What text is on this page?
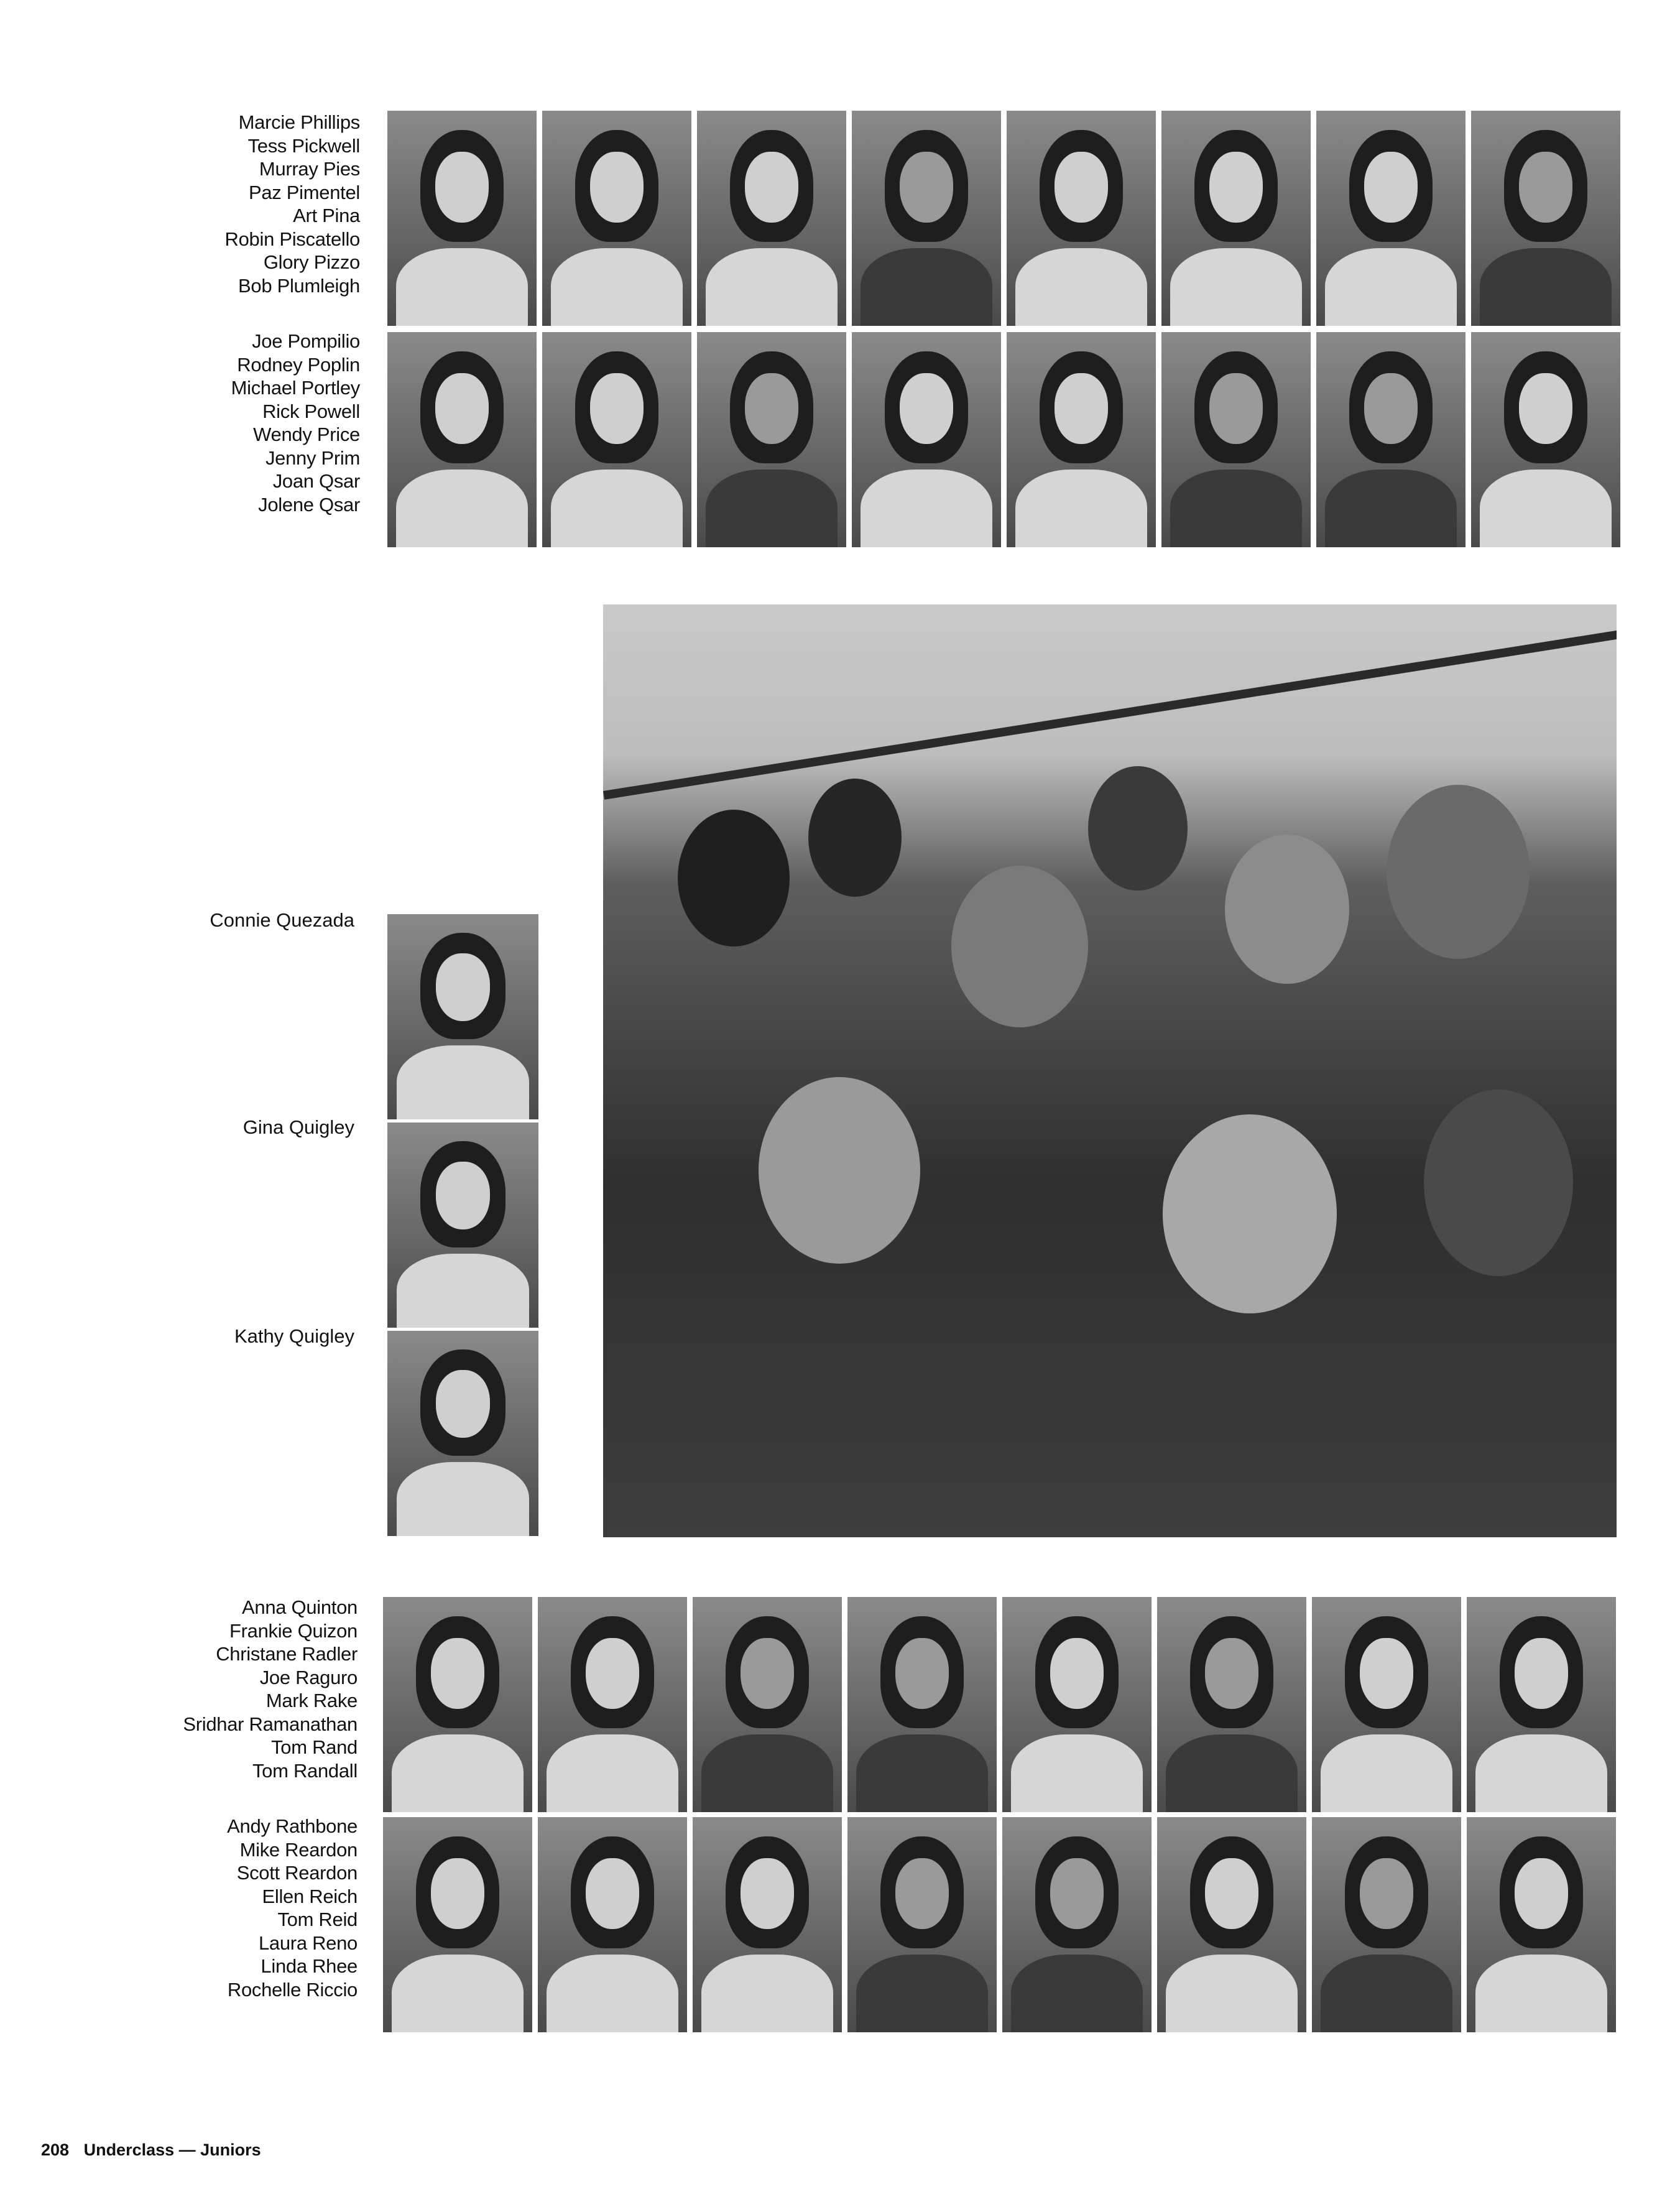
Marcie Phillips
Tess Pickwell
Murray Pies
Paz Pimentel
Art Pina
Robin Piscatello
Glory Pizzo
Bob Plumleigh
Joe Pompilio
Rodney Poplin
Michael Portley
Rick Powell
Wendy Price
Jenny Prim
Joan Qsar
Jolene Qsar
Connie Quezada
Gina Quigley
Kathy Quigley
Anna Quinton
Frankie Quizon
Christane Radler
Joe Raguro
Mark Rake
Sridhar Ramanathan
Tom Rand
Tom Randall
Andy Rathbone
Mike Reardon
Scott Reardon
Ellen Reich
Tom Reid
Laura Reno
Linda Rhee
Rochelle Riccio
208 Underclass — Juniors
